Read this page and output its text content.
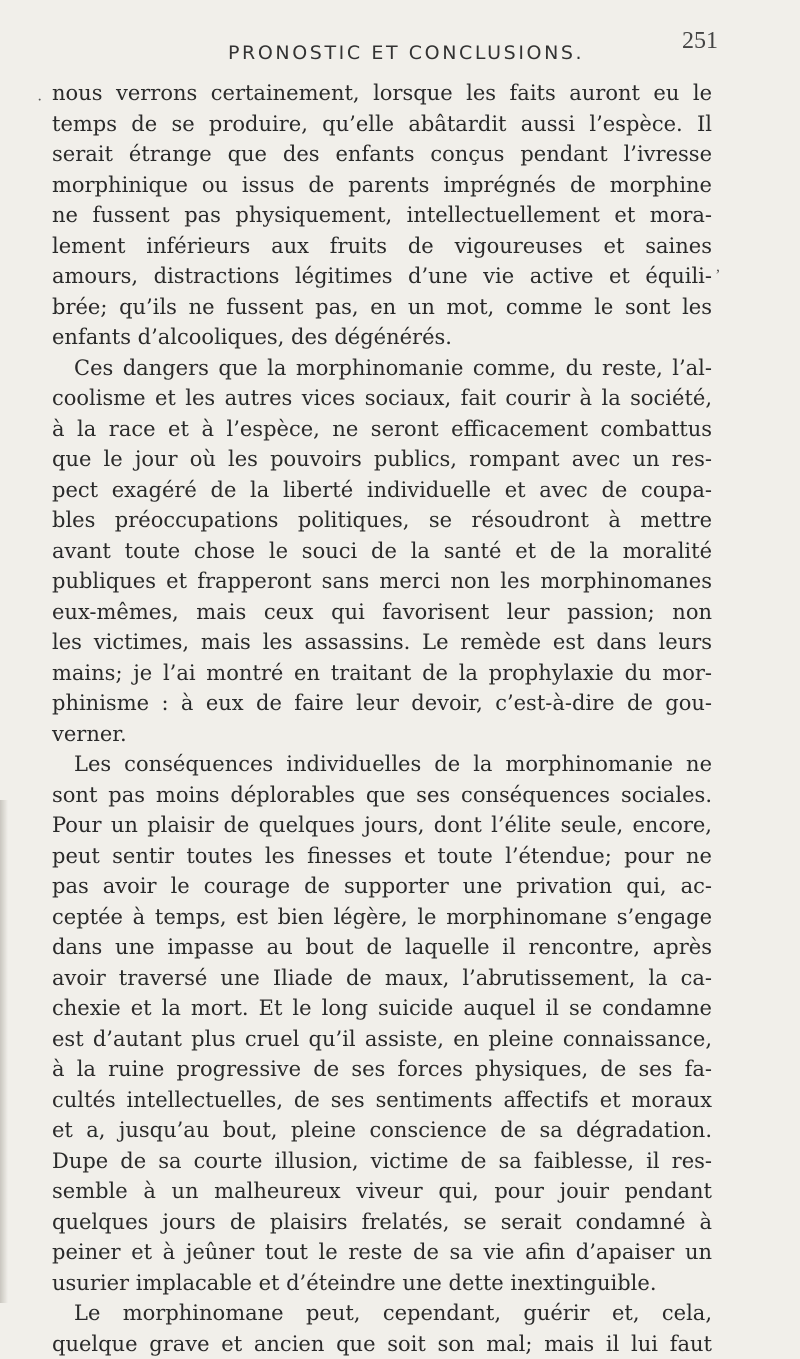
PRONOSTIC ET CONCLUSIONS.	251
·
,
nous verrons certainement, lorsque les faits auront eu le
temps de se produire, qu’elle abâtardit aussi l’espèce. Il
serait étrange que des enfants conçus pendant l’ivresse
morphinique ou issus de parents imprégnés de morphine
ne fussent pas physiquement, intellectuellement et mora-
lement inférieurs aux fruits de vigoureuses et saines
amours, distractions légitimes d’une vie active et équili-
brée; qu’ils ne fussent pas, en un mot, comme le sont les
enfants d’alcooliques, des dégénérés.
Ces dangers que la morphinomanie comme, du reste, l’al-
coolisme et les autres vices sociaux, fait courir à la société,
à la race et à l’espèce, ne seront efficacement combattus
que le jour où les pouvoirs publics, rompant avec un res-
pect exagéré de la liberté individuelle et avec de coupa-
bles préoccupations politiques, se résoudront à mettre
avant toute chose le souci de la santé et de la moralité
publiques et frapperont sans merci non les morphinomanes
eux-mêmes, mais ceux qui favorisent leur passion; non
les victimes, mais les assassins. Le remède est dans leurs
mains; je l’ai montré en traitant de la prophylaxie du mor-
phinisme : à eux de faire leur devoir, c’est-à-dire de gou-
verner.
Les conséquences individuelles de la morphinomanie ne
sont pas moins déplorables que ses conséquences sociales.
Pour un plaisir de quelques jours, dont l’élite seule, encore,
peut sentir toutes les finesses et toute l’étendue; pour ne
pas avoir le courage de supporter une privation qui, ac-
ceptée à temps, est bien légère, le morphinomane s’engage
dans une impasse au bout de laquelle il rencontre, après
avoir traversé une Iliade de maux, l’abrutissement, la ca-
chexie et la mort. Et le long suicide auquel il se condamne
est d’autant plus cruel qu’il assiste, en pleine connaissance,
à la ruine progressive de ses forces physiques, de ses fa-
cultés intellectuelles, de ses sentiments affectifs et moraux
et a, jusqu’au bout, pleine conscience de sa dégradation.
Dupe de sa courte illusion, victime de sa faiblesse, il res-
semble à un malheureux viveur qui, pour jouir pendant
quelques jours de plaisirs frelatés, se serait condamné à
peiner et à jeûner tout le reste de sa vie afin d’apaiser un
usurier implacable et d’éteindre une dette inextinguible.
Le morphinomane peut, cependant, guérir et, cela,
quelque grave et ancien que soit son mal; mais il lui faut
